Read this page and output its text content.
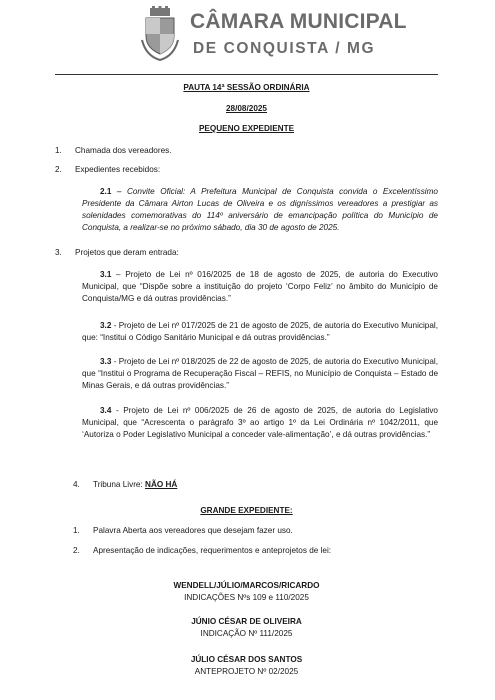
CÂMARA MUNICIPAL
DE CONQUISTA / MG
PAUTA 14ª SESSÃO ORDINÁRIA
28/08/2025
PEQUENO EXPEDIENTE
1. Chamada dos vereadores.
2. Expedientes recebidos:
2.1 – Convite Oficial: A Prefeitura Municipal de Conquista convida o Excelentíssimo Presidente da Câmara Airton Lucas de Oliveira e os digníssimos vereadores a prestigiar as solenidades comemorativas do 114º aniversário de emancipação política do Município de Conquista, a realizar-se no próximo sábado, dia 30 de agosto de 2025.
3. Projetos que deram entrada:
3.1 – Projeto de Lei nº 016/2025 de 18 de agosto de 2025, de autoria do Executivo Municipal, que “Dispõe sobre a instituição do projeto ‘Corpo Feliz’ no âmbito do Município de Conquista/MG e dá outras providências.”
3.2 - Projeto de Lei nº 017/2025 de 21 de agosto de 2025, de autoria do Executivo Municipal, que: “Institui o Código Sanitário Municipal e dá outras providências.”
3.3 - Projeto de Lei nº 018/2025 de 22 de agosto de 2025, de autoria do Executivo Municipal, que “Institui o Programa de Recuperação Fiscal – REFIS, no Município de Conquista – Estado de Minas Gerais, e dá outras providências.”
3.4 - Projeto de Lei nº 006/2025 de 26 de agosto de 2025, de autoria do Legislativo Municipal, que “Acrescenta o parágrafo 3º ao artigo 1º da Lei Ordinária nº 1042/2011, que ‘Autoriza o Poder Legislativo Municipal a conceder vale-alimentação’, e dá outras providências.”
4. Tribuna Livre: NÃO HÁ
GRANDE EXPEDIENTE:
1. Palavra Aberta aos vereadores que desejam fazer uso.
2. Apresentação de indicações, requerimentos e anteprojetos de lei:
WENDELL/JÚLIO/MARCOS/RICARDO
INDICAÇÕES Nºs 109 e 110/2025
JÚNIO CÉSAR DE OLIVEIRA
INDICAÇÃO Nº 111/2025
JÚLIO CÉSAR DOS SANTOS
ANTEPROJETO Nº 02/2025
